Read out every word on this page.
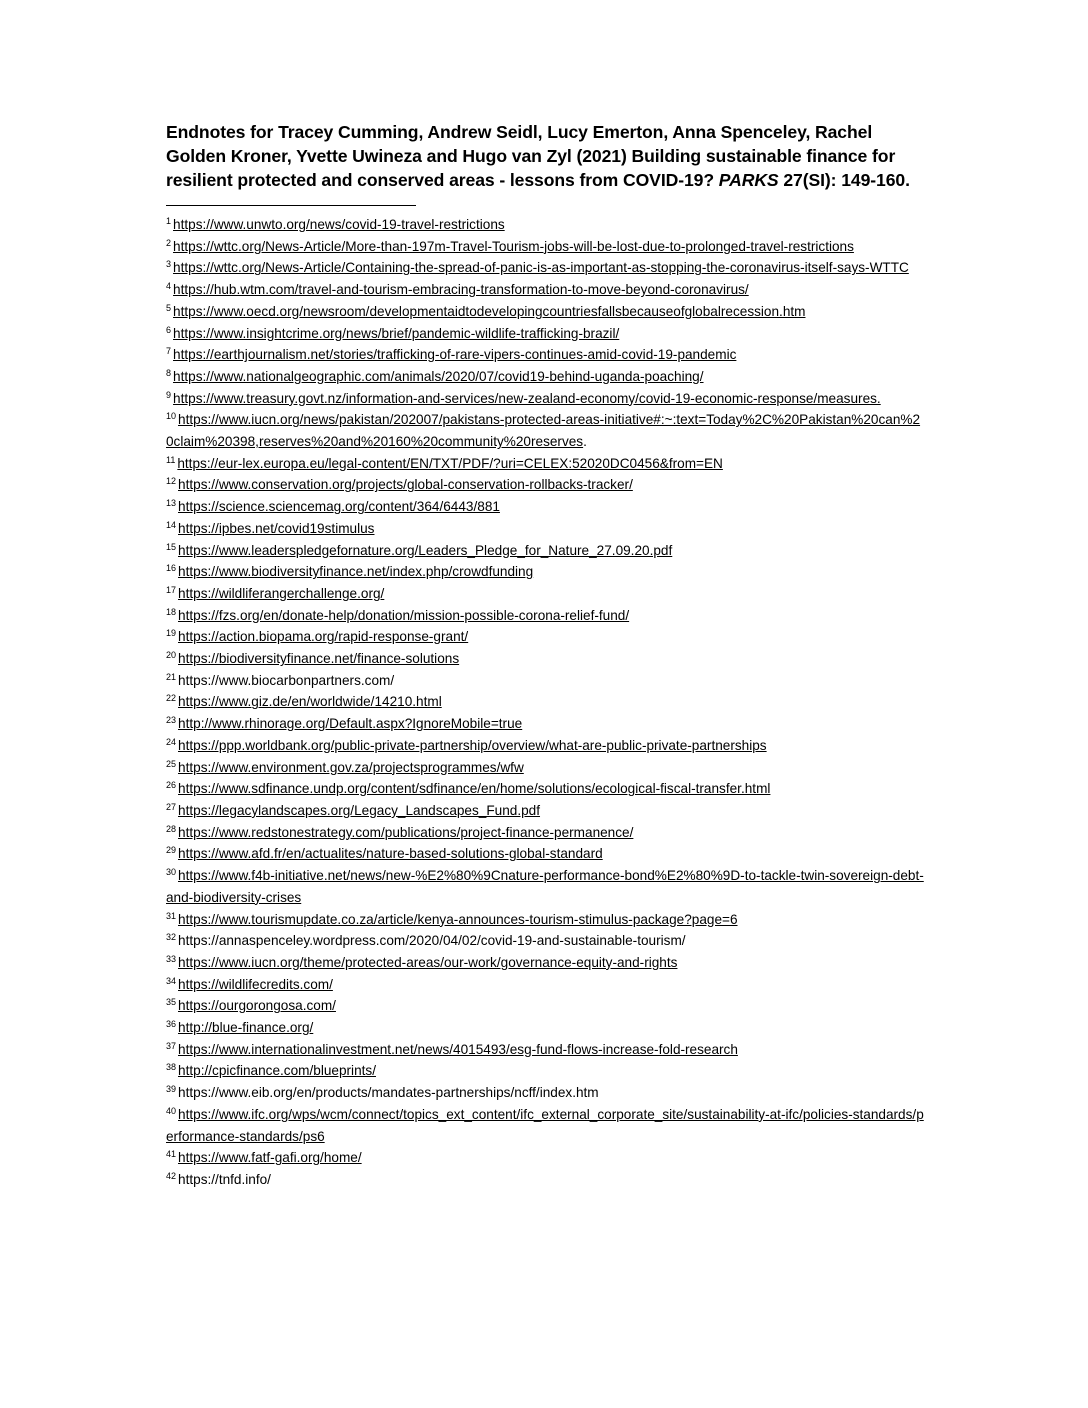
Endnotes for Tracey Cumming, Andrew Seidl, Lucy Emerton, Anna Spenceley, Rachel Golden Kroner, Yvette Uwineza and Hugo van Zyl (2021) Building sustainable finance for resilient protected and conserved areas - lessons from COVID-19? PARKS 27(SI): 149-160.
$^1$ https://www.unwto.org/news/covid-19-travel-restrictions
$^2$ https://wttc.org/News-Article/More-than-197m-Travel-Tourism-jobs-will-be-lost-due-to-prolonged-travel-restrictions
$^3$ https://wttc.org/News-Article/Containing-the-spread-of-panic-is-as-important-as-stopping-the-coronavirus-itself-says-WTTC
$^4$ https://hub.wtm.com/travel-and-tourism-embracing-transformation-to-move-beyond-coronavirus/
$^5$ https://www.oecd.org/newsroom/developmentaidtodevelopingcountriesfallsbecauseofglobalrecession.htm
$^6$ https://www.insightcrime.org/news/brief/pandemic-wildlife-trafficking-brazil/
$^7$ https://earthjournalism.net/stories/trafficking-of-rare-vipers-continues-amid-covid-19-pandemic
$^8$ https://www.nationalgeographic.com/animals/2020/07/covid19-behind-uganda-poaching/
$^9$ https://www.treasury.govt.nz/information-and-services/new-zealand-economy/covid-19-economic-response/measures.
$^{10}$ https://www.iucn.org/news/pakistan/202007/pakistans-protected-areas-initiative#:~:text=Today%2C%20Pakistan%20can%20claim%20398,reserves%20and%20160%20community%20reserves.
$^{11}$ https://eur-lex.europa.eu/legal-content/EN/TXT/PDF/?uri=CELEX:52020DC0456&from=EN
$^{12}$ https://www.conservation.org/projects/global-conservation-rollbacks-tracker/
$^{13}$ https://science.sciencemag.org/content/364/6443/881
$^{14}$ https://ipbes.net/covid19stimulus
$^{15}$ https://www.leaderspledgefornature.org/Leaders_Pledge_for_Nature_27.09.20.pdf
$^{16}$ https://www.biodiversityfinance.net/index.php/crowdfunding
$^{17}$ https://wildliferangerchallenge.org/
$^{18}$ https://fzs.org/en/donate-help/donation/mission-possible-corona-relief-fund/
$^{19}$ https://action.biopama.org/rapid-response-grant/
$^{20}$ https://biodiversityfinance.net/finance-solutions
$^{21}$ https://www.biocarbonpartners.com/
$^{22}$ https://www.giz.de/en/worldwide/14210.html
$^{23}$ http://www.rhinorage.org/Default.aspx?IgnoreMobile=true
$^{24}$ https://ppp.worldbank.org/public-private-partnership/overview/what-are-public-private-partnerships
$^{25}$ https://www.environment.gov.za/projectsprogrammes/wfw
$^{26}$ https://www.sdfinance.undp.org/content/sdfinance/en/home/solutions/ecological-fiscal-transfer.html
$^{27}$ https://legacylandscapes.org/Legacy_Landscapes_Fund.pdf
$^{28}$ https://www.redstonestrategy.com/publications/project-finance-permanence/
$^{29}$ https://www.afd.fr/en/actualites/nature-based-solutions-global-standard
$^{30}$ https://www.f4b-initiative.net/news/new-%E2%80%9Cnature-performance-bond%E2%80%9D-to-tackle-twin-sovereign-debt-and-biodiversity-crises
$^{31}$ https://www.tourismupdate.co.za/article/kenya-announces-tourism-stimulus-package?page=6
$^{32}$ https://annaspenceley.wordpress.com/2020/04/02/covid-19-and-sustainable-tourism/
$^{33}$ https://www.iucn.org/theme/protected-areas/our-work/governance-equity-and-rights
$^{34}$ https://wildlifecredits.com/
$^{35}$ https://ourgorongosa.com/
$^{36}$ http://blue-finance.org/
$^{37}$ https://www.internationalinvestment.net/news/4015493/esg-fund-flows-increase-fold-research
$^{38}$ http://cpicfinance.com/blueprints/
$^{39}$ https://www.eib.org/en/products/mandates-partnerships/ncff/index.htm
$^{40}$ https://www.ifc.org/wps/wcm/connect/topics_ext_content/ifc_external_corporate_site/sustainability-at-ifc/policies-standards/performance-standards/ps6
$^{41}$ https://www.fatf-gafi.org/home/
$^{42}$ https://tnfd.info/
